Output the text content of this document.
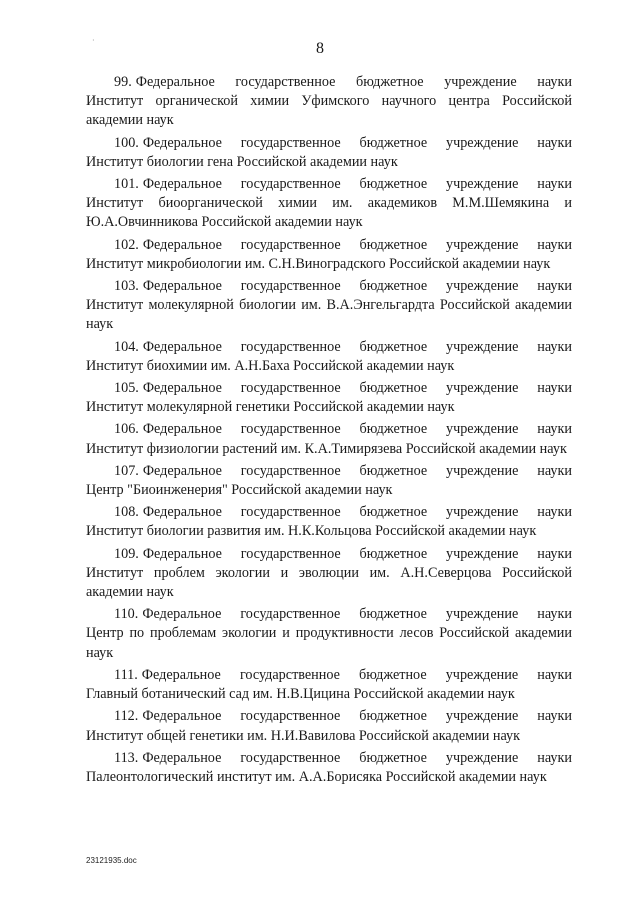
·	8
99. Федеральное государственное бюджетное учреждение науки
Институт органической химии Уфимского научного центра Российской академии наук
100. Федеральное государственное бюджетное учреждение науки
Институт биологии гена Российской академии наук
101. Федеральное государственное бюджетное учреждение науки
Институт биоорганической химии им. академиков М.М.Шемякина и Ю.А.Овчинникова Российской академии наук
102. Федеральное государственное бюджетное учреждение науки
Институт микробиологии им. С.Н.Виноградского Российской академии наук
103. Федеральное государственное бюджетное учреждение науки
Институт молекулярной биологии им. В.А.Энгельгардта Российской академии наук
104. Федеральное государственное бюджетное учреждение науки
Институт биохимии им. А.Н.Баха Российской академии наук
105. Федеральное государственное бюджетное учреждение науки
Институт молекулярной генетики Российской академии наук
106. Федеральное государственное бюджетное учреждение науки
Институт физиологии растений им. К.А.Тимирязева Российской академии наук
107. Федеральное государственное бюджетное учреждение науки
Центр "Биоинженерия" Российской академии наук
108. Федеральное государственное бюджетное учреждение науки
Институт биологии развития им. Н.К.Кольцова Российской академии наук
109. Федеральное государственное бюджетное учреждение науки
Институт проблем экологии и эволюции им. А.Н.Северцова Российской академии наук
110. Федеральное государственное бюджетное учреждение науки
Центр по проблемам экологии и продуктивности лесов Российской академии наук
111. Федеральное государственное бюджетное учреждение науки
Главный ботанический сад им. Н.В.Цицина Российской академии наук
112. Федеральное государственное бюджетное учреждение науки
Институт общей генетики им. Н.И.Вавилова Российской академии наук
113. Федеральное государственное бюджетное учреждение науки
Палеонтологический институт им. А.А.Борисяка Российской академии наук
23121935.doc
